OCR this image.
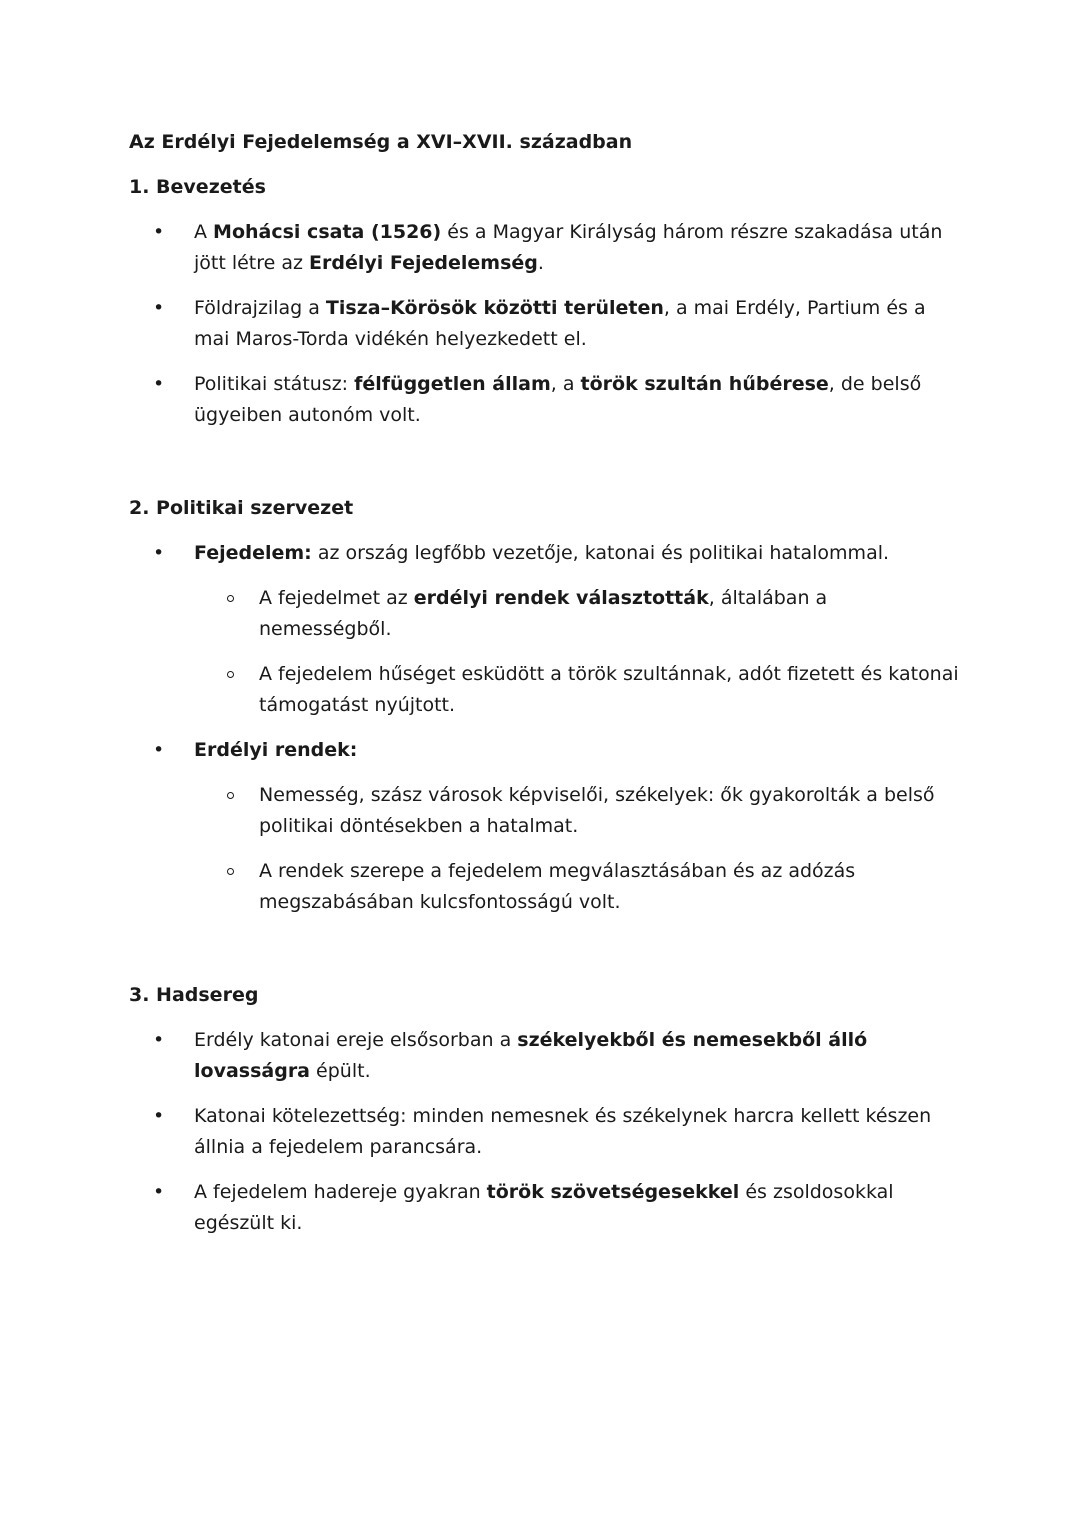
Az Erdélyi Fejedelemség a XVI–XVII. században
1. Bevezetés
• A Mohácsi csata (1526) és a Magyar Királyság három részre szakadása után jött létre az Erdélyi Fejedelemség.
• Földrajzilag a Tisza–Körösök közötti területen, a mai Erdély, Partium és a mai Maros-Torda vidékén helyezkedett el.
• Politikai státusz: félfüggetlen állam, a török szultán hűbérese, de belső ügyeiben autonóm volt.
2. Politikai szervezet
• Fejedelem: az ország legfőbb vezetője, katonai és politikai hatalommal.
A fejedelmet az erdélyi rendek választották, általában a nemességből.
A fejedelem hűséget esküdött a török szultánnak, adót fizetett és katonai támogatást nyújtott.
• Erdélyi rendek:
Nemesség, szász városok képviselői, székelyek: ők gyakorolták a belső politikai döntésekben a hatalmat.
A rendek szerepe a fejedelem megválasztásában és az adózás megszabásában kulcsfontosságú volt.
3. Hadsereg
• Erdély katonai ereje elsősorban a székelyekből és nemesekből álló lovasságra épült.
• Katonai kötelezettség: minden nemesnek és székelynek harcra kellett készen állnia a fejedelem parancsára.
• A fejedelem hadereje gyakran török szövetségesekkel és zsoldosokkal egészült ki.
